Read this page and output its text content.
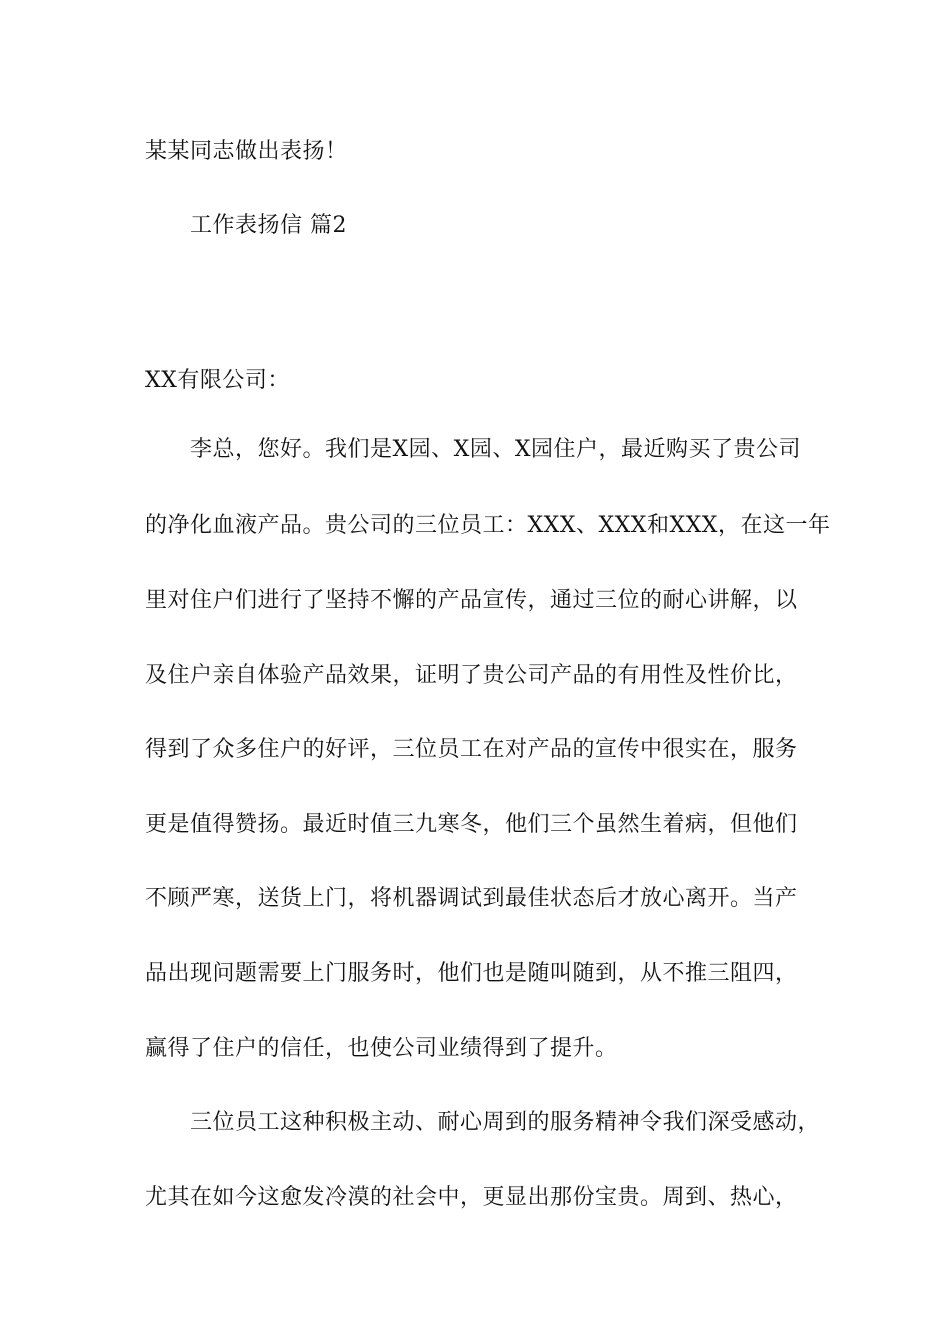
某某同志做出表扬！
工作表扬信 篇2
XX有限公司：
李总，您好。我们是X园、X园、X园住户，最近购买了贵公司
的净化血液产品。贵公司的三位员工：XXX、XXX和XXX，在这一年
里对住户们进行了坚持不懈的产品宣传，通过三位的耐心讲解，以
及住户亲自体验产品效果，证明了贵公司产品的有用性及性价比，
得到了众多住户的好评，三位员工在对产品的宣传中很实在，服务
更是值得赞扬。最近时值三九寒冬，他们三个虽然生着病，但他们
不顾严寒，送货上门，将机器调试到最佳状态后才放心离开。当产
品出现问题需要上门服务时，他们也是随叫随到，从不推三阻四，
赢得了住户的信任，也使公司业绩得到了提升。
三位员工这种积极主动、耐心周到的服务精神令我们深受感动，
尤其在如今这愈发冷漠的社会中，更显出那份宝贵。周到、热心，
